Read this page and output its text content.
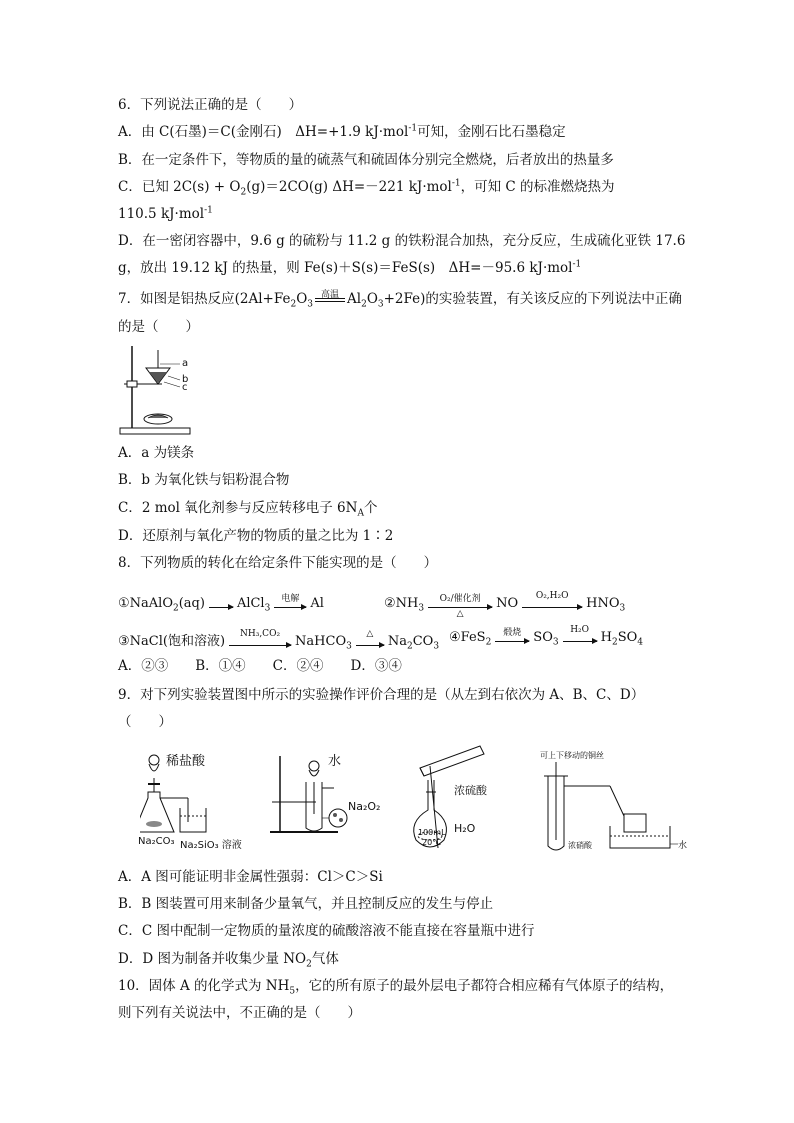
6．下列说法正确的是（　　）
A．由 C(石墨)＝C(金刚石)　ΔH=+1.9 kJ·mol$^{-1}$可知，金刚石比石墨稳定
B．在一定条件下，等物质的量的硫蒸气和硫固体分别完全燃烧，后者放出的热量多
C．已知 $2C(s) + O_2(g)=2CO(g)$ ΔH=－221 kJ·mol$^{-1}$，可知 C 的标准燃烧热为
110.5 kJ·mol$^{-1}$
D．在一密闭容器中，9.6 g 的硫粉与 11.2 g 的铁粉混合加热，充分反应，生成硫化亚铁 17.6
g，放出 19.12 kJ 的热量，则 Fe(s)＋S(s)＝FeS(s)　ΔH=－95.6 kJ·mol$^{-1}$
7．如图是铝热反应($2Al+Fe_2O_3$
高温 $Al_2O_3+2Fe$)的实验装置，有关该反应的下列说法中正确
的是（　　）
a
b
c
A．a 为镁条
B．b 为氧化铁与铝粉混合物
C．2 mol 氧化剂参与反应转移电子 $6N_A$个
D．还原剂与氧化产物的物质的量之比为 1∶2
8．下列物质的转化在给定条件下能实现的是（　　）
①NaAlO$_2$(aq) AlCl$_3$
电解 Al	$②NH_3$
O₂/催化剂
△
NO	O₂,H₂O	$HNO_3$
③NaCl(饱和溶液)	NH₃,CO₂	NaHCO$_3$
△	$Na_2CO_3$
④FeS$_2$
煅烧 $SO_3$
H₂O $H_2SO_4$
A．②③　　B．①④　　C．②④　　D．③④
9．对下列实验装置图中所示的实验操作评价合理的是（从左到右依次为 A、B、C、D）
（　　）
稀盐酸
Na₂CO₃ Na₂SiO₃ 溶液
水
Na₂O₂
浓硫酸
H₂O
100mL
20℃
可上下移动的铜丝
浓硝酸	水
A．A 图可能证明非金属性强弱：Cl＞C＞Si
B．B 图装置可用来制备少量氧气，并且控制反应的发生与停止
C．C 图中配制一定物质的量浓度的硫酸溶液不能直接在容量瓶中进行
D．D 图为制备并收集少量 $NO_2$气体
10．固体 A 的化学式为 $NH_5$，它的所有原子的最外层电子都符合相应稀有气体原子的结构，
则下列有关说法中，不正确的是（　　）
